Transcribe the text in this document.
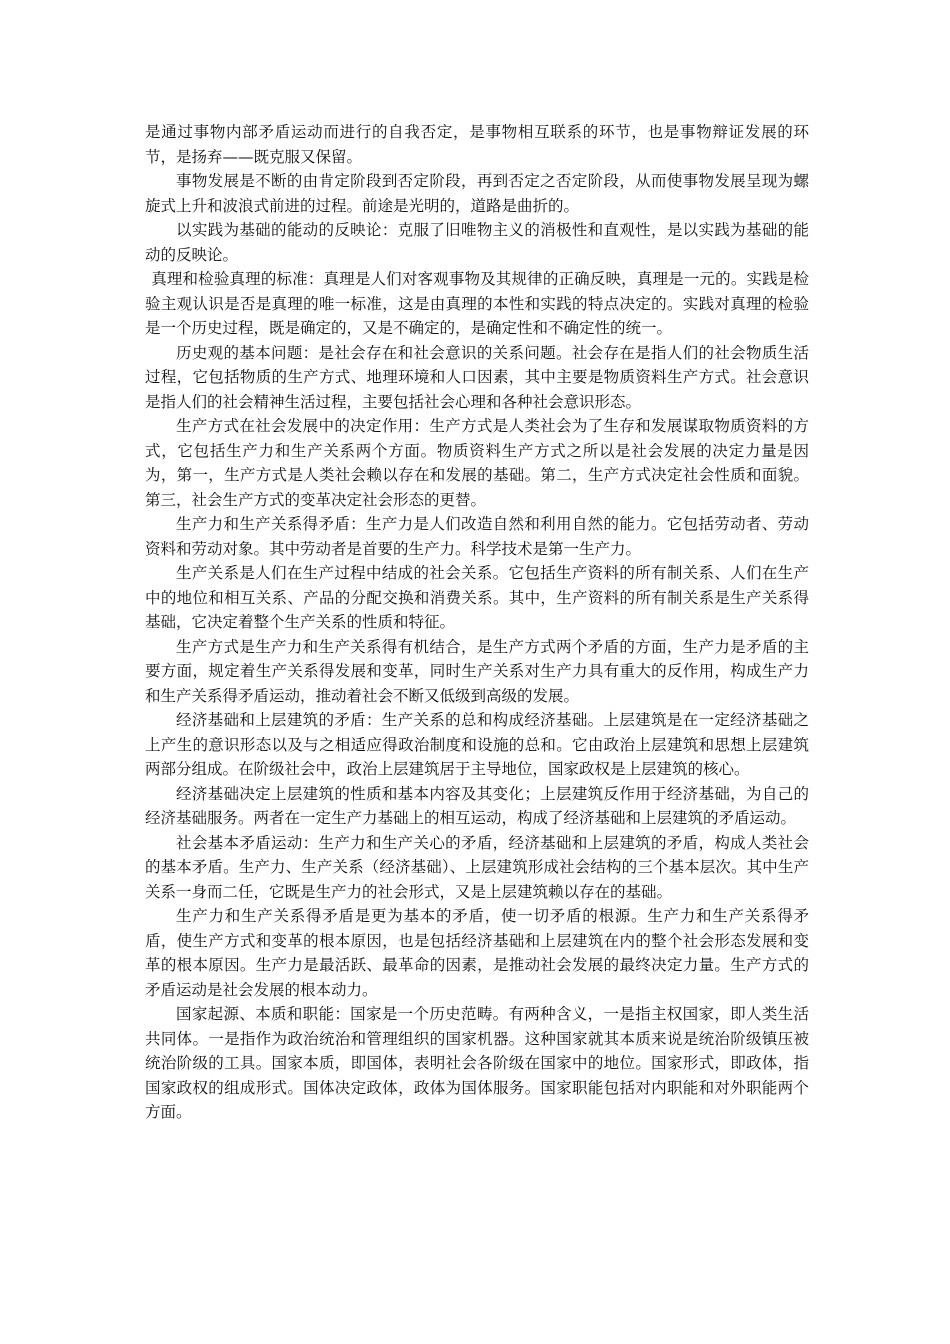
是通过事物内部矛盾运动而进行的自我否定，是事物相互联系的环节，也是事物辩证发展的环节，是扬弃——既克服又保留。

事物发展是不断的由肯定阶段到否定阶段，再到否定之否定阶段，从而使事物发展呈现为螺旋式上升和波浪式前进的过程。前途是光明的，道路是曲折的。

以实践为基础的能动的反映论：克服了旧唯物主义的消极性和直观性，是以实践为基础的能动的反映论。

真理和检验真理的标准：真理是人们对客观事物及其规律的正确反映，真理是一元的。实践是检验主观认识是否是真理的唯一标准，这是由真理的本性和实践的特点决定的。实践对真理的检验是一个历史过程，既是确定的，又是不确定的，是确定性和不确定性的统一。

历史观的基本问题：是社会存在和社会意识的关系问题。社会存在是指人们的社会物质生活过程，它包括物质的生产方式、地理环境和人口因素，其中主要是物质资料生产方式。社会意识是指人们的社会精神生活过程，主要包括社会心理和各种社会意识形态。

生产方式在社会发展中的决定作用：生产方式是人类社会为了生存和发展谋取物质资料的方式，它包括生产力和生产关系两个方面。物质资料生产方式之所以是社会发展的决定力量是因为，第一，生产方式是人类社会赖以存在和发展的基础。第二，生产方式决定社会性质和面貌。第三，社会生产方式的变革决定社会形态的更替。

生产力和生产关系得矛盾：生产力是人们改造自然和利用自然的能力。它包括劳动者、劳动资料和劳动对象。其中劳动者是首要的生产力。科学技术是第一生产力。

生产关系是人们在生产过程中结成的社会关系。它包括生产资料的所有制关系、人们在生产中的地位和相互关系、产品的分配交换和消费关系。其中，生产资料的所有制关系是生产关系得基础，它决定着整个生产关系的性质和特征。

生产方式是生产力和生产关系得有机结合，是生产方式两个矛盾的方面，生产力是矛盾的主要方面，规定着生产关系得发展和变革，同时生产关系对生产力具有重大的反作用，构成生产力和生产关系得矛盾运动，推动着社会不断又低级到高级的发展。

经济基础和上层建筑的矛盾：生产关系的总和构成经济基础。上层建筑是在一定经济基础之上产生的意识形态以及与之相适应得政治制度和设施的总和。它由政治上层建筑和思想上层建筑两部分组成。在阶级社会中，政治上层建筑居于主导地位，国家政权是上层建筑的核心。

经济基础决定上层建筑的性质和基本内容及其变化；上层建筑反作用于经济基础，为自己的经济基础服务。两者在一定生产力基础上的相互运动，构成了经济基础和上层建筑的矛盾运动。

社会基本矛盾运动：生产力和生产关心的矛盾，经济基础和上层建筑的矛盾，构成人类社会的基本矛盾。生产力、生产关系（经济基础）、上层建筑形成社会结构的三个基本层次。其中生产关系一身而二任，它既是生产力的社会形式，又是上层建筑赖以存在的基础。

生产力和生产关系得矛盾是更为基本的矛盾，使一切矛盾的根源。生产力和生产关系得矛盾，使生产方式和变革的根本原因，也是包括经济基础和上层建筑在内的整个社会形态发展和变革的根本原因。生产力是最活跃、最革命的因素，是推动社会发展的最终决定力量。生产方式的矛盾运动是社会发展的根本动力。

国家起源、本质和职能：国家是一个历史范畴。有两种含义，一是指主权国家，即人类生活共同体。一是指作为政治统治和管理组织的国家机器。这种国家就其本质来说是统治阶级镇压被统治阶级的工具。国家本质，即国体，表明社会各阶级在国家中的地位。国家形式，即政体，指国家政权的组成形式。国体决定政体，政体为国体服务。国家职能包括对内职能和对外职能两个方面。
